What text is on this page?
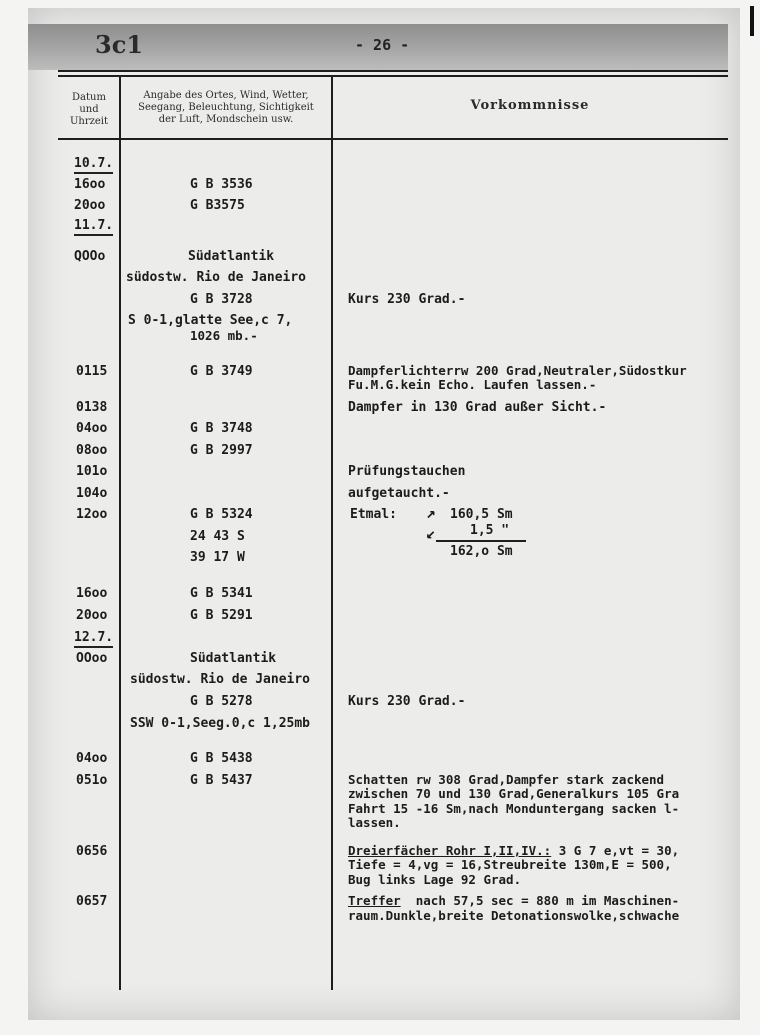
3c1	- 26 -
Datum
und
Uhrzeit
Angabe des Ortes, Wind, Wetter,
Seegang, Beleuchtung, Sichtigkeit
der Luft, Mondschein usw.
Vorkommnisse
10.7.
11.7.
12.7.
16oo
20oo
QOOo
0115
0138
04oo
08oo
101o
104o
12oo
16oo
20oo
OOoo
04oo
051o
0656
0657
G B 3536
G B3575
Südatlantik
südostw. Rio de Janeiro
G B 3728
S 0-1,glatte See,c 7,
1026 mb.-
G B 3749
G B 3748
G B 2997
G B 5324
24 43 S
39 17 W
G B 5341
G B 5291
Südatlantik
südostw. Rio de Janeiro
G B 5278
SSW 0-1,Seeg.0,c 1,25mb
G B 5438
G B 5437
Kurs 230 Grad.-
Dampferlichterrw 200 Grad,Neutraler,Südostkur
Fu.M.G.kein Echo. Laufen lassen.-
Dampfer in 130 Grad außer Sicht.-
Prüfungstauchen
aufgetaucht.-
Etmal: ↗ 160,5 Sm
↙	1,5 "
162,o Sm
Kurs 230 Grad.-
Schatten rw 308 Grad,Dampfer stark zackend
zwischen 70 und 130 Grad,Generalkurs 105 Gra
Fahrt 15 -16 Sm,nach Monduntergang sacken l-
lassen.
Dreierfächer Rohr I,II,IV.: 3 G 7 e,vt = 30,
Tiefe = 4,vg = 16,Streubreite 130m,E = 500,
Bug links Lage 92 Grad.
Treffer  nach 57,5 sec = 880 m im Maschinen-
raum.Dunkle,breite Detonationswolke,schwache
